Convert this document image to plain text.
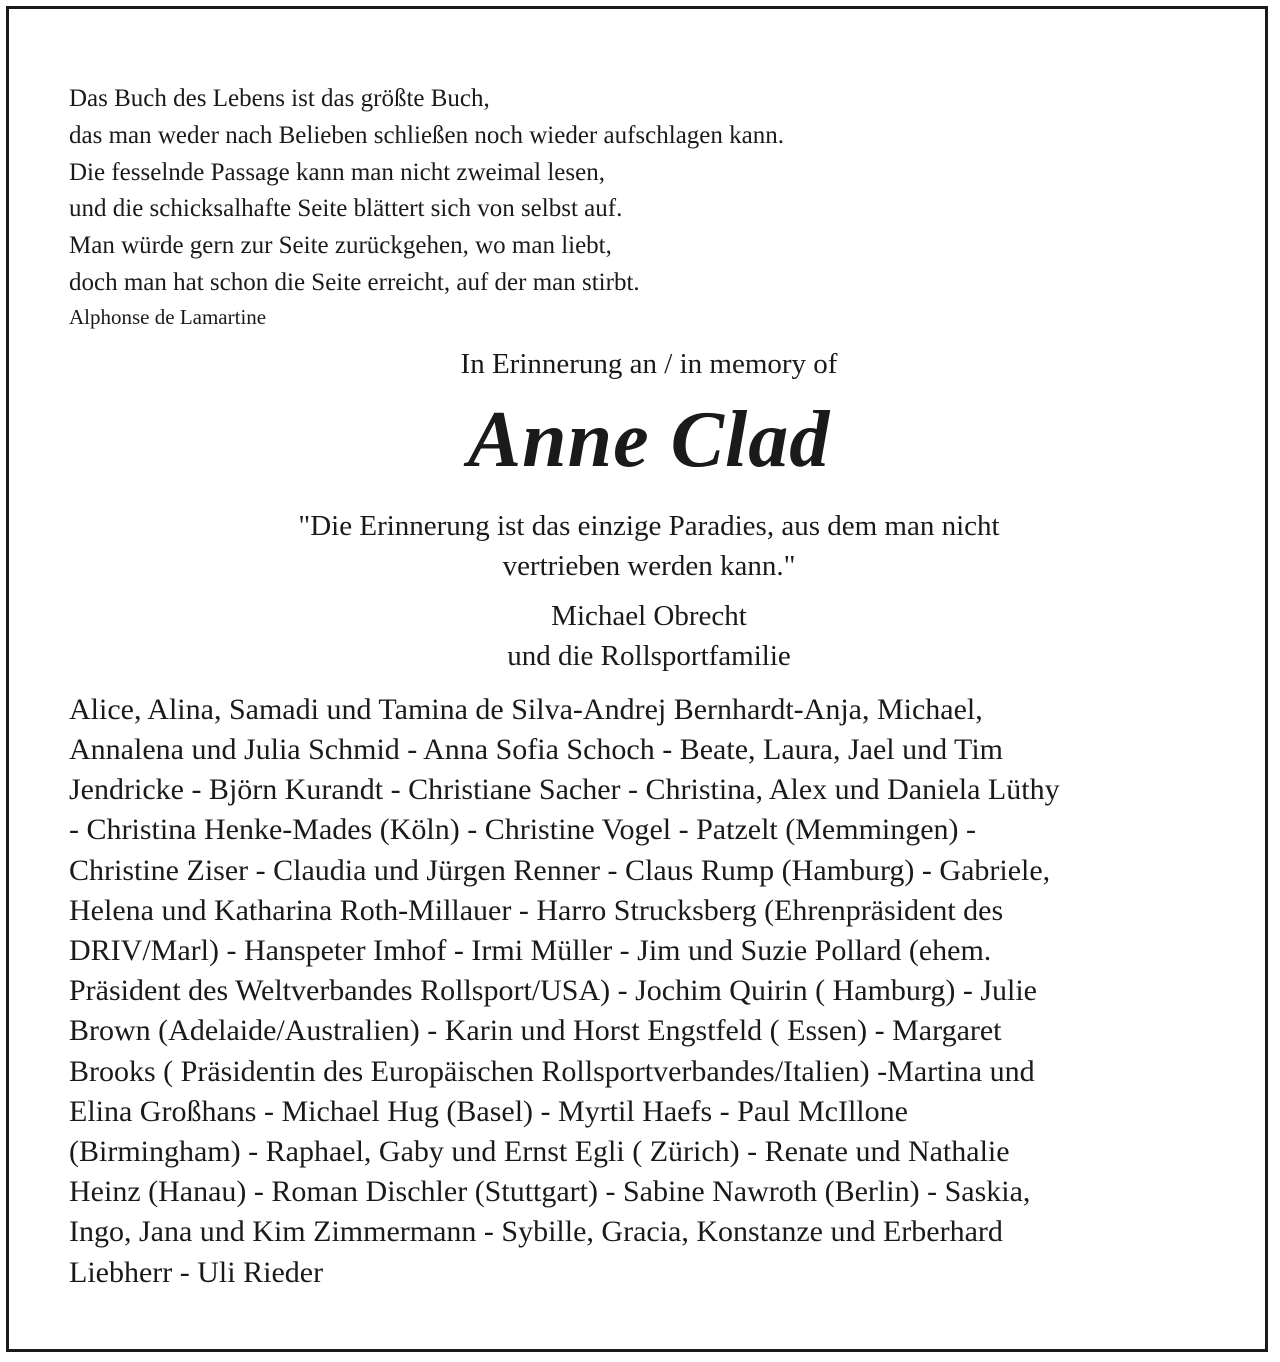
Das Buch des Lebens ist das größte Buch,
das man weder nach Belieben schließen noch wieder aufschlagen kann.
Die fesselnde Passage kann man nicht zweimal lesen,
und die schicksalhafte Seite blättert sich von selbst auf.
Man würde gern zur Seite zurückgehen, wo man liebt,
doch man hat schon die Seite erreicht, auf der man stirbt.
Alphonse de Lamartine
In Erinnerung an / in memory of
Anne Clad
"Die Erinnerung ist das einzige Paradies, aus dem man nicht
vertrieben werden kann."
Michael Obrecht
und die Rollsportfamilie
Alice, Alina, Samadi und Tamina de Silva-Andrej Bernhardt-Anja, Michael,
Annalena und Julia Schmid - Anna Sofia Schoch - Beate, Laura, Jael und Tim
Jendricke - Björn Kurandt - Christiane Sacher - Christina, Alex und Daniela Lüthy
- Christina Henke-Mades (Köln) - Christine Vogel - Patzelt (Memmingen) -
Christine Ziser - Claudia und Jürgen Renner - Claus Rump (Hamburg) - Gabriele,
Helena und Katharina Roth-Millauer - Harro Strucksberg (Ehrenpräsident des
DRIV/Marl) - Hanspeter Imhof - Irmi Müller - Jim und Suzie Pollard (ehem.
Präsident des Weltverbandes Rollsport/USA) - Jochim Quirin ( Hamburg) - Julie
Brown (Adelaide/Australien) - Karin und Horst Engstfeld ( Essen) - Margaret
Brooks ( Präsidentin des Europäischen Rollsportverbandes/Italien) -Martina und
Elina Großhans - Michael Hug (Basel) - Myrtil Haefs - Paul McIllone
(Birmingham) - Raphael, Gaby und Ernst Egli ( Zürich) - Renate und Nathalie
Heinz (Hanau) - Roman Dischler (Stuttgart) - Sabine Nawroth (Berlin) - Saskia,
Ingo, Jana und Kim Zimmermann - Sybille, Gracia, Konstanze und Erberhard
Liebherr - Uli Rieder
